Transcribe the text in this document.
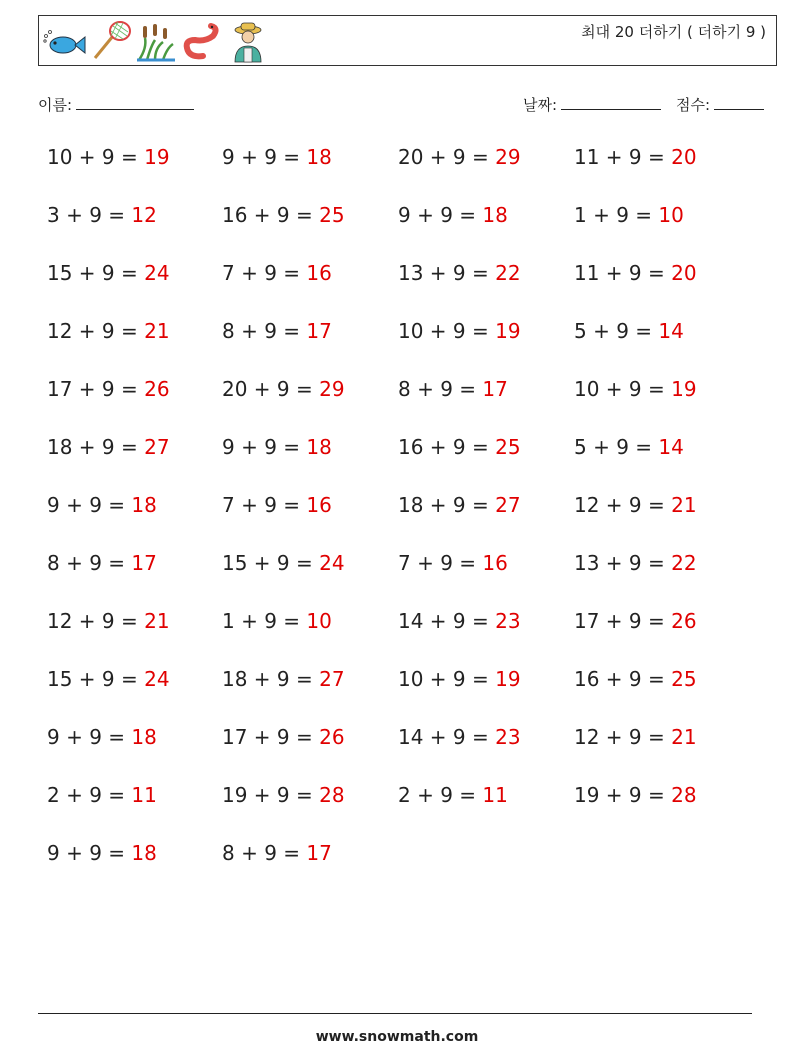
최대 20 더하기 ( 더하기 9 )
이름:	날짜:	점수:
10 + 9 = 19	9 + 9 = 18	20 + 9 = 29	11 + 9 = 20
3 + 9 = 12	16 + 9 = 25	9 + 9 = 18	1 + 9 = 10
15 + 9 = 24	7 + 9 = 16	13 + 9 = 22	11 + 9 = 20
12 + 9 = 21	8 + 9 = 17	10 + 9 = 19	5 + 9 = 14
17 + 9 = 26	20 + 9 = 29	8 + 9 = 17	10 + 9 = 19
18 + 9 = 27	9 + 9 = 18	16 + 9 = 25	5 + 9 = 14
9 + 9 = 18	7 + 9 = 16	18 + 9 = 27	12 + 9 = 21
8 + 9 = 17	15 + 9 = 24	7 + 9 = 16	13 + 9 = 22
12 + 9 = 21	1 + 9 = 10	14 + 9 = 23	17 + 9 = 26
15 + 9 = 24	18 + 9 = 27	10 + 9 = 19	16 + 9 = 25
9 + 9 = 18	17 + 9 = 26	14 + 9 = 23	12 + 9 = 21
2 + 9 = 11	19 + 9 = 28	2 + 9 = 11	19 + 9 = 28
9 + 9 = 18	8 + 9 = 17
www.snowmath.com
